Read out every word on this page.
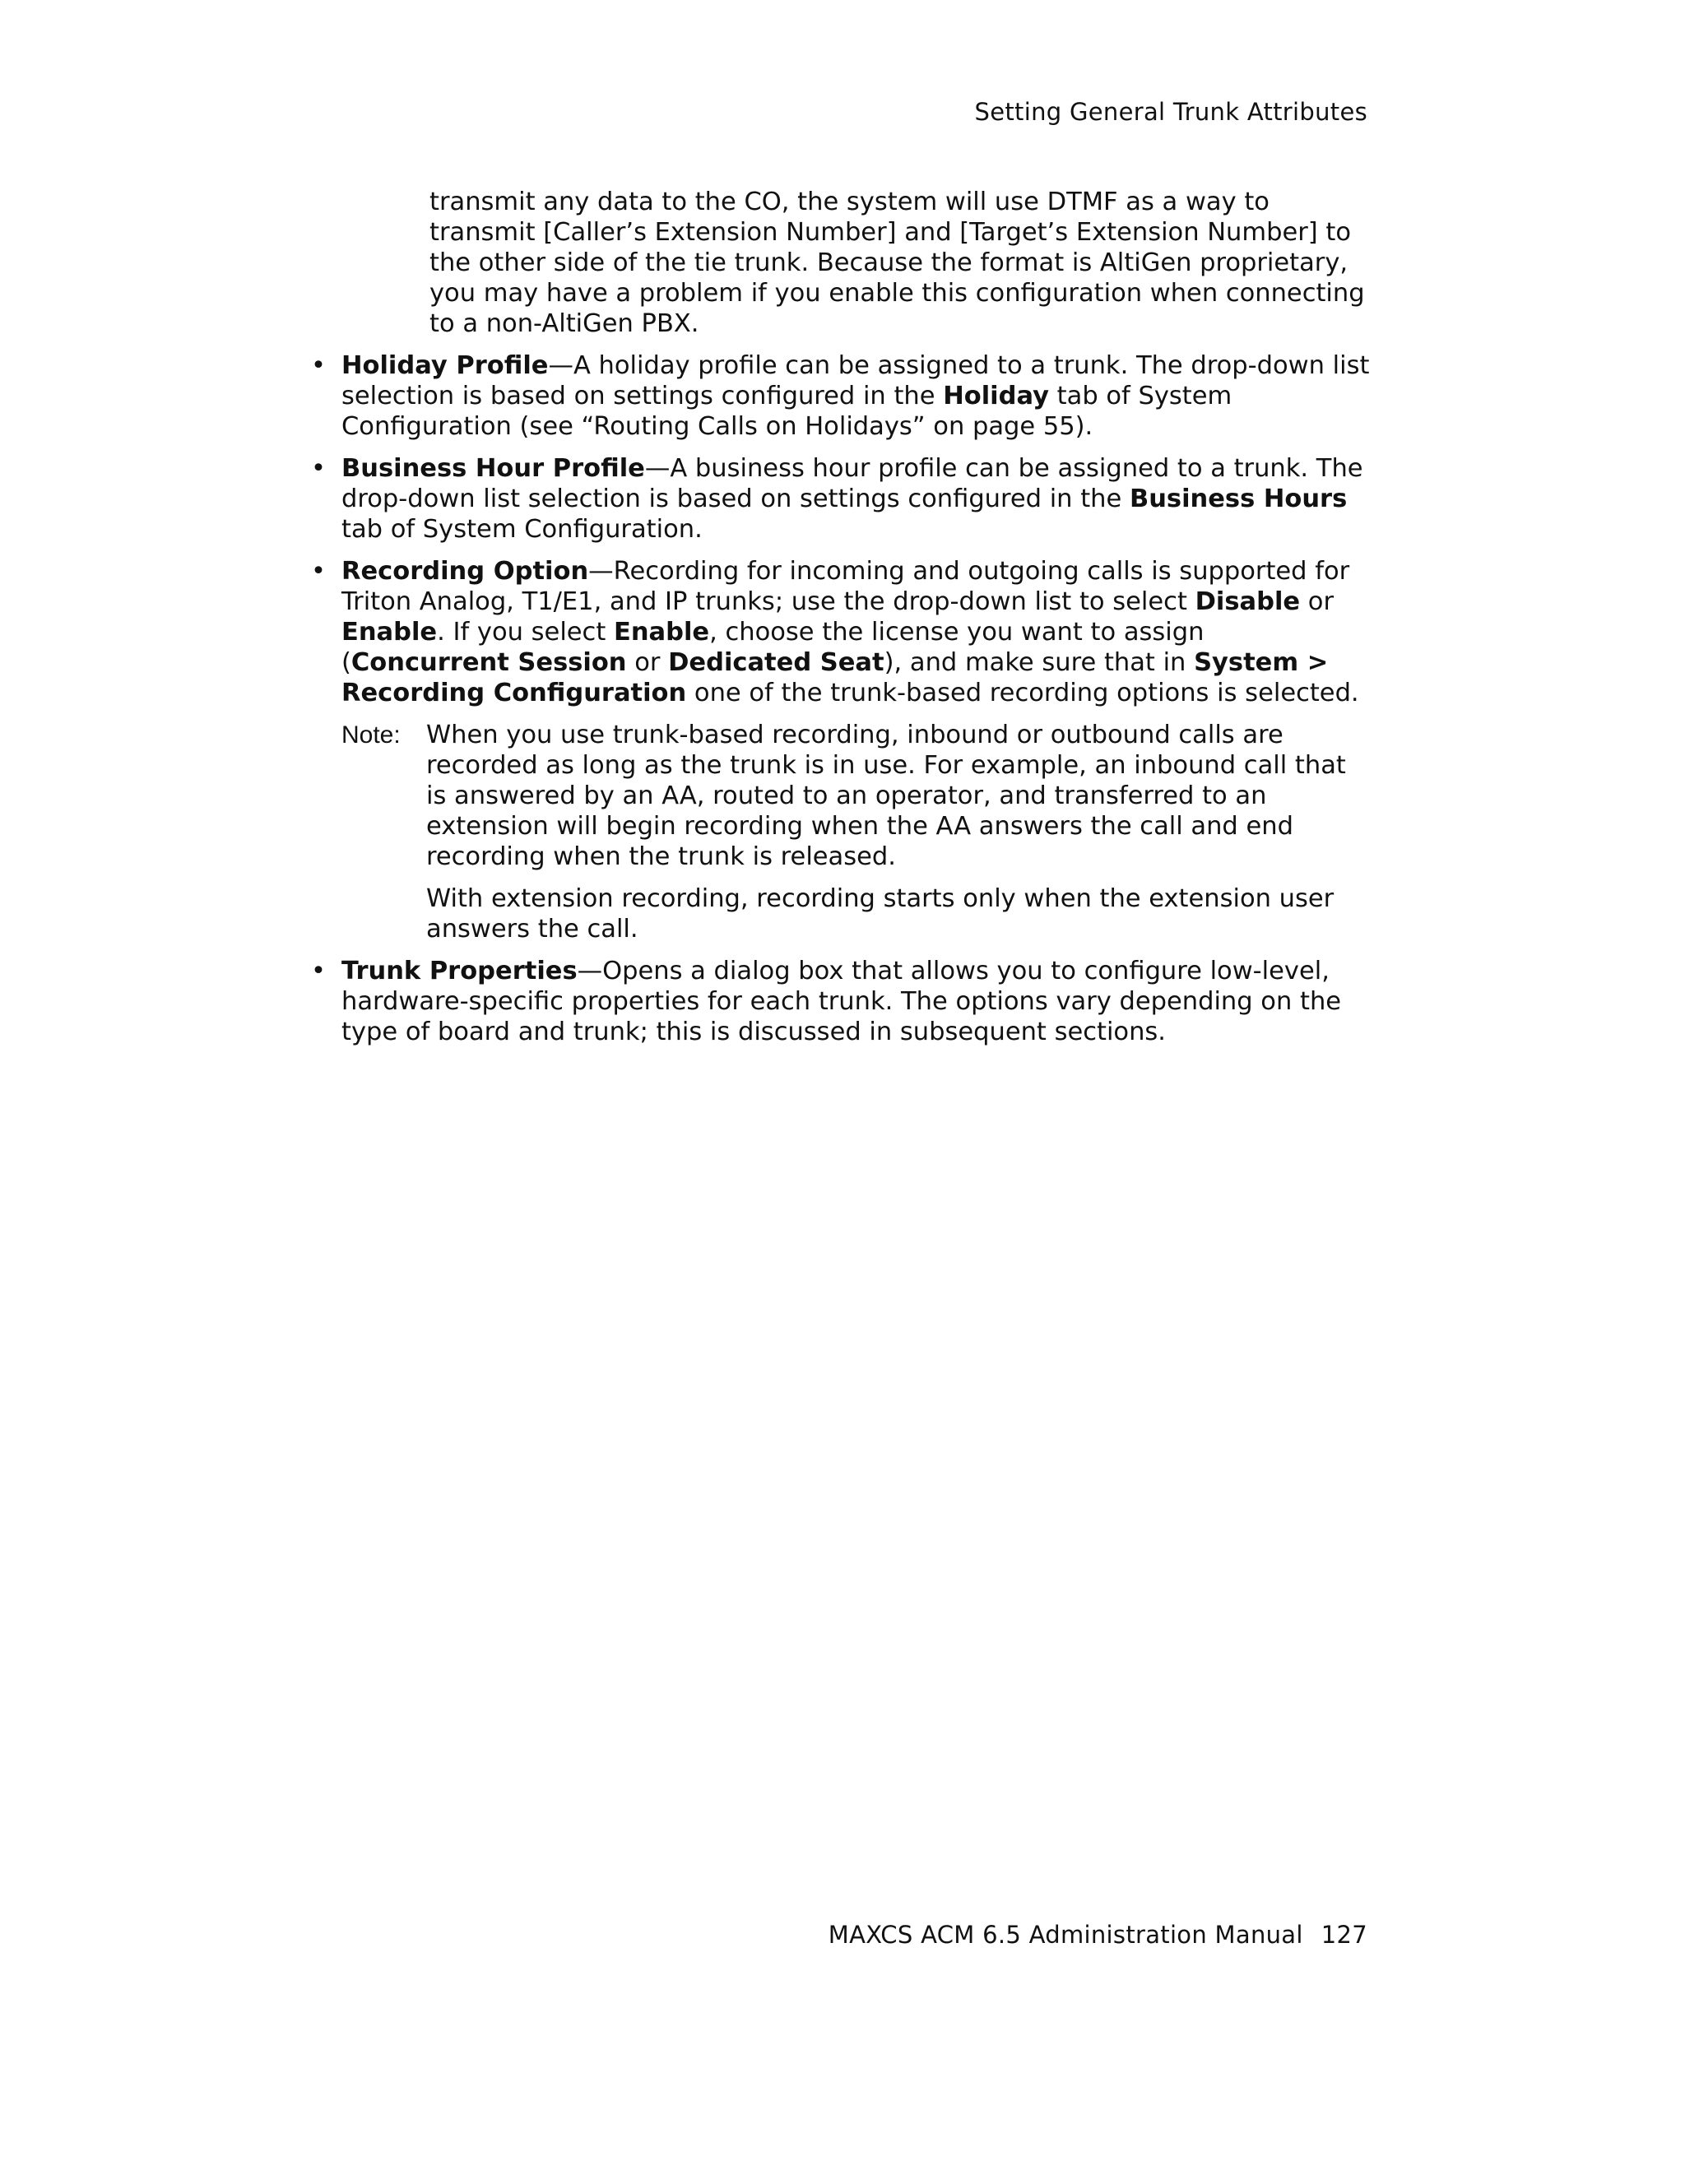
Setting General Trunk Attributes

transmit any data to the CO, the system will use DTMF as a way to transmit [Caller’s Extension Number] and [Target’s Extension Number] to the other side of the tie trunk. Because the format is AltiGen proprietary, you may have a problem if you enable this configuration when connecting to a non-AltiGen PBX.

• Holiday Profile—A holiday profile can be assigned to a trunk. The drop-down list selection is based on settings configured in the Holiday tab of System Configuration (see “Routing Calls on Holidays” on page 55).
• Business Hour Profile—A business hour profile can be assigned to a trunk. The drop-down list selection is based on settings configured in the Business Hours tab of System Configuration.
• Recording Option—Recording for incoming and outgoing calls is supported for Triton Analog, T1/E1, and IP trunks; use the drop-down list to select Disable or Enable. If you select Enable, choose the license you want to assign (Concurrent Session or Dedicated Seat), and make sure that in System > Recording Configuration one of the trunk-based recording options is selected.
Note: When you use trunk-based recording, inbound or outbound calls are recorded as long as the trunk is in use. For example, an inbound call that is answered by an AA, routed to an operator, and transferred to an extension will begin recording when the AA answers the call and end recording when the trunk is released.

With extension recording, recording starts only when the extension user answers the call.

• Trunk Properties—Opens a dialog box that allows you to configure low-level, hardware-specific properties for each trunk. The options vary depending on the type of board and trunk; this is discussed in subsequent sections.
MAXCS ACM 6.5 Administration Manual 127
